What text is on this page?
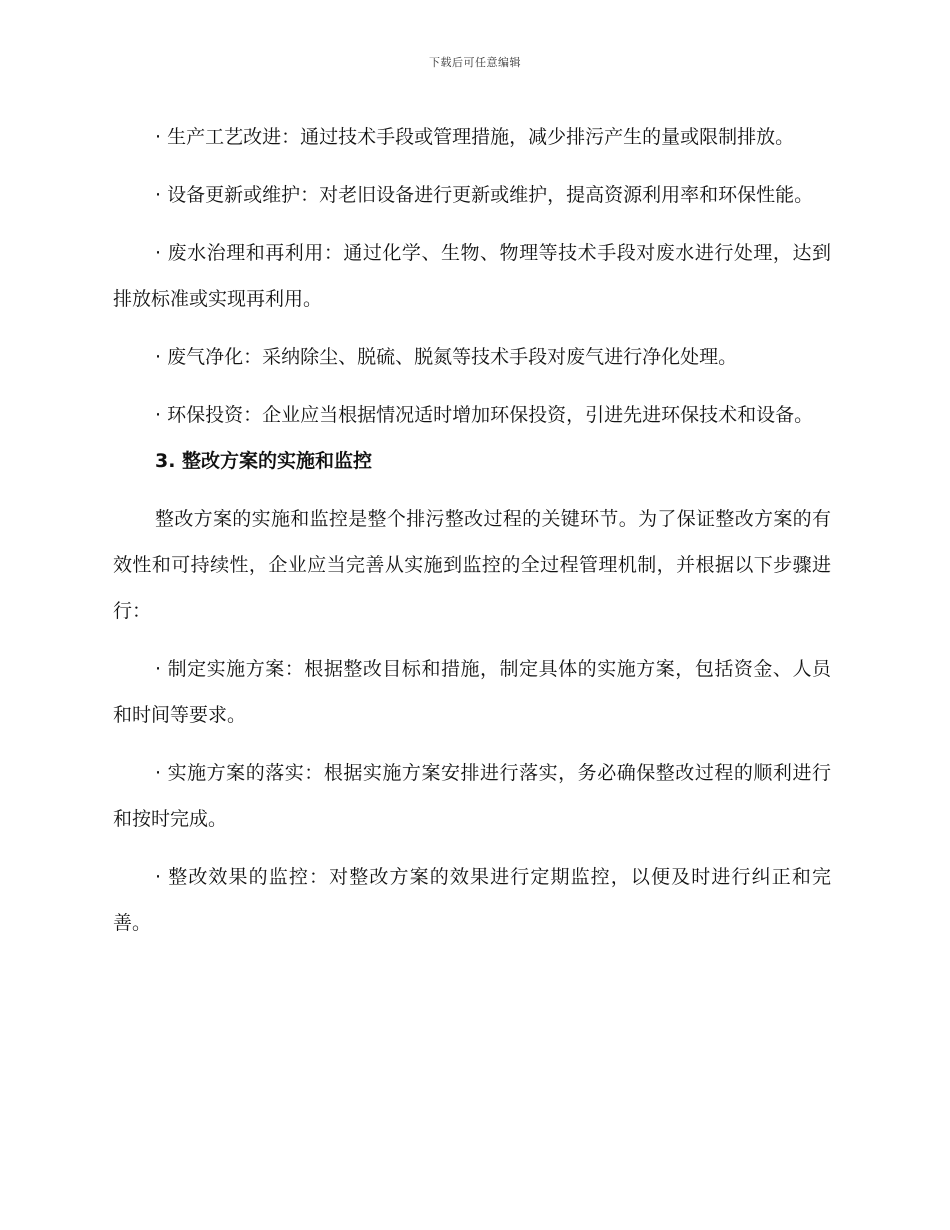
下载后可任意编辑

· 生产工艺改进：通过技术手段或管理措施，减少排污产生的量或限制排放。

· 设备更新或维护：对老旧设备进行更新或维护，提高资源利用率和环保性能。

· 废水治理和再利用：通过化学、生物、物理等技术手段对废水进行处理，达到排放标准或实现再利用。

· 废气净化：采纳除尘、脱硫、脱氮等技术手段对废气进行净化处理。

· 环保投资：企业应当根据情况适时增加环保投资，引进先进环保技术和设备。

3. 整改方案的实施和监控

整改方案的实施和监控是整个排污整改过程的关键环节。为了保证整改方案的有效性和可持续性，企业应当完善从实施到监控的全过程管理机制，并根据以下步骤进行：

· 制定实施方案：根据整改目标和措施，制定具体的实施方案，包括资金、人员和时间等要求。

· 实施方案的落实：根据实施方案安排进行落实，务必确保整改过程的顺利进行和按时完成。

· 整改效果的监控：对整改方案的效果进行定期监控，以便及时进行纠正和完善。
